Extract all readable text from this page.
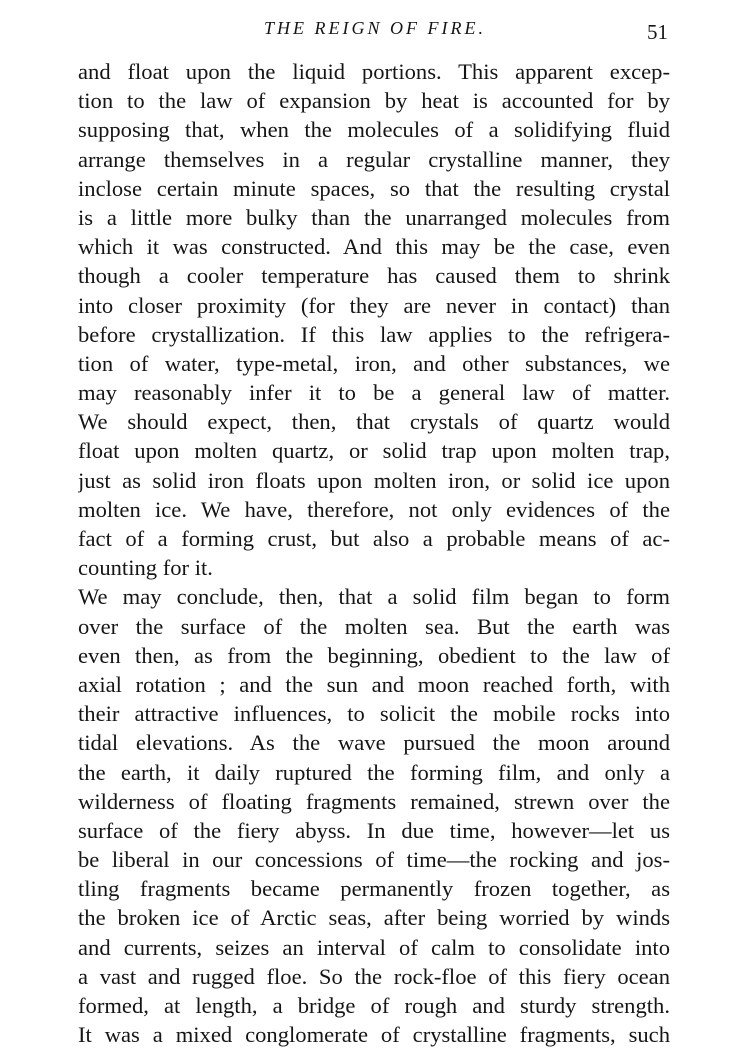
THE REIGN OF FIRE.	51
and float upon the liquid portions. This apparent excep-
tion to the law of expansion by heat is accounted for by
supposing that, when the molecules of a solidifying fluid
arrange themselves in a regular crystalline manner, they
inclose certain minute spaces, so that the resulting crystal
is a little more bulky than the unarranged molecules from
which it was constructed. And this may be the case, even
though a cooler temperature has caused them to shrink
into closer proximity (for they are never in contact) than
before crystallization. If this law applies to the refrigera-
tion of water, type-metal, iron, and other substances, we
may reasonably infer it to be a general law of matter.
We should expect, then, that crystals of quartz would
float upon molten quartz, or solid trap upon molten trap,
just as solid iron floats upon molten iron, or solid ice upon
molten ice. We have, therefore, not only evidences of the
fact of a forming crust, but also a probable means of ac-
counting for it.
We may conclude, then, that a solid film began to form
over the surface of the molten sea. But the earth was
even then, as from the beginning, obedient to the law of
axial rotation ; and the sun and moon reached forth, with
their attractive influences, to solicit the mobile rocks into
tidal elevations. As the wave pursued the moon around
the earth, it daily ruptured the forming film, and only a
wilderness of floating fragments remained, strewn over the
surface of the fiery abyss. In due time, however—let us
be liberal in our concessions of time—the rocking and jos-
tling fragments became permanently frozen together, as
the broken ice of Arctic seas, after being worried by winds
and currents, seizes an interval of calm to consolidate into
a vast and rugged floe. So the rock-floe of this fiery ocean
formed, at length, a bridge of rough and sturdy strength.
It was a mixed conglomerate of crystalline fragments, such
